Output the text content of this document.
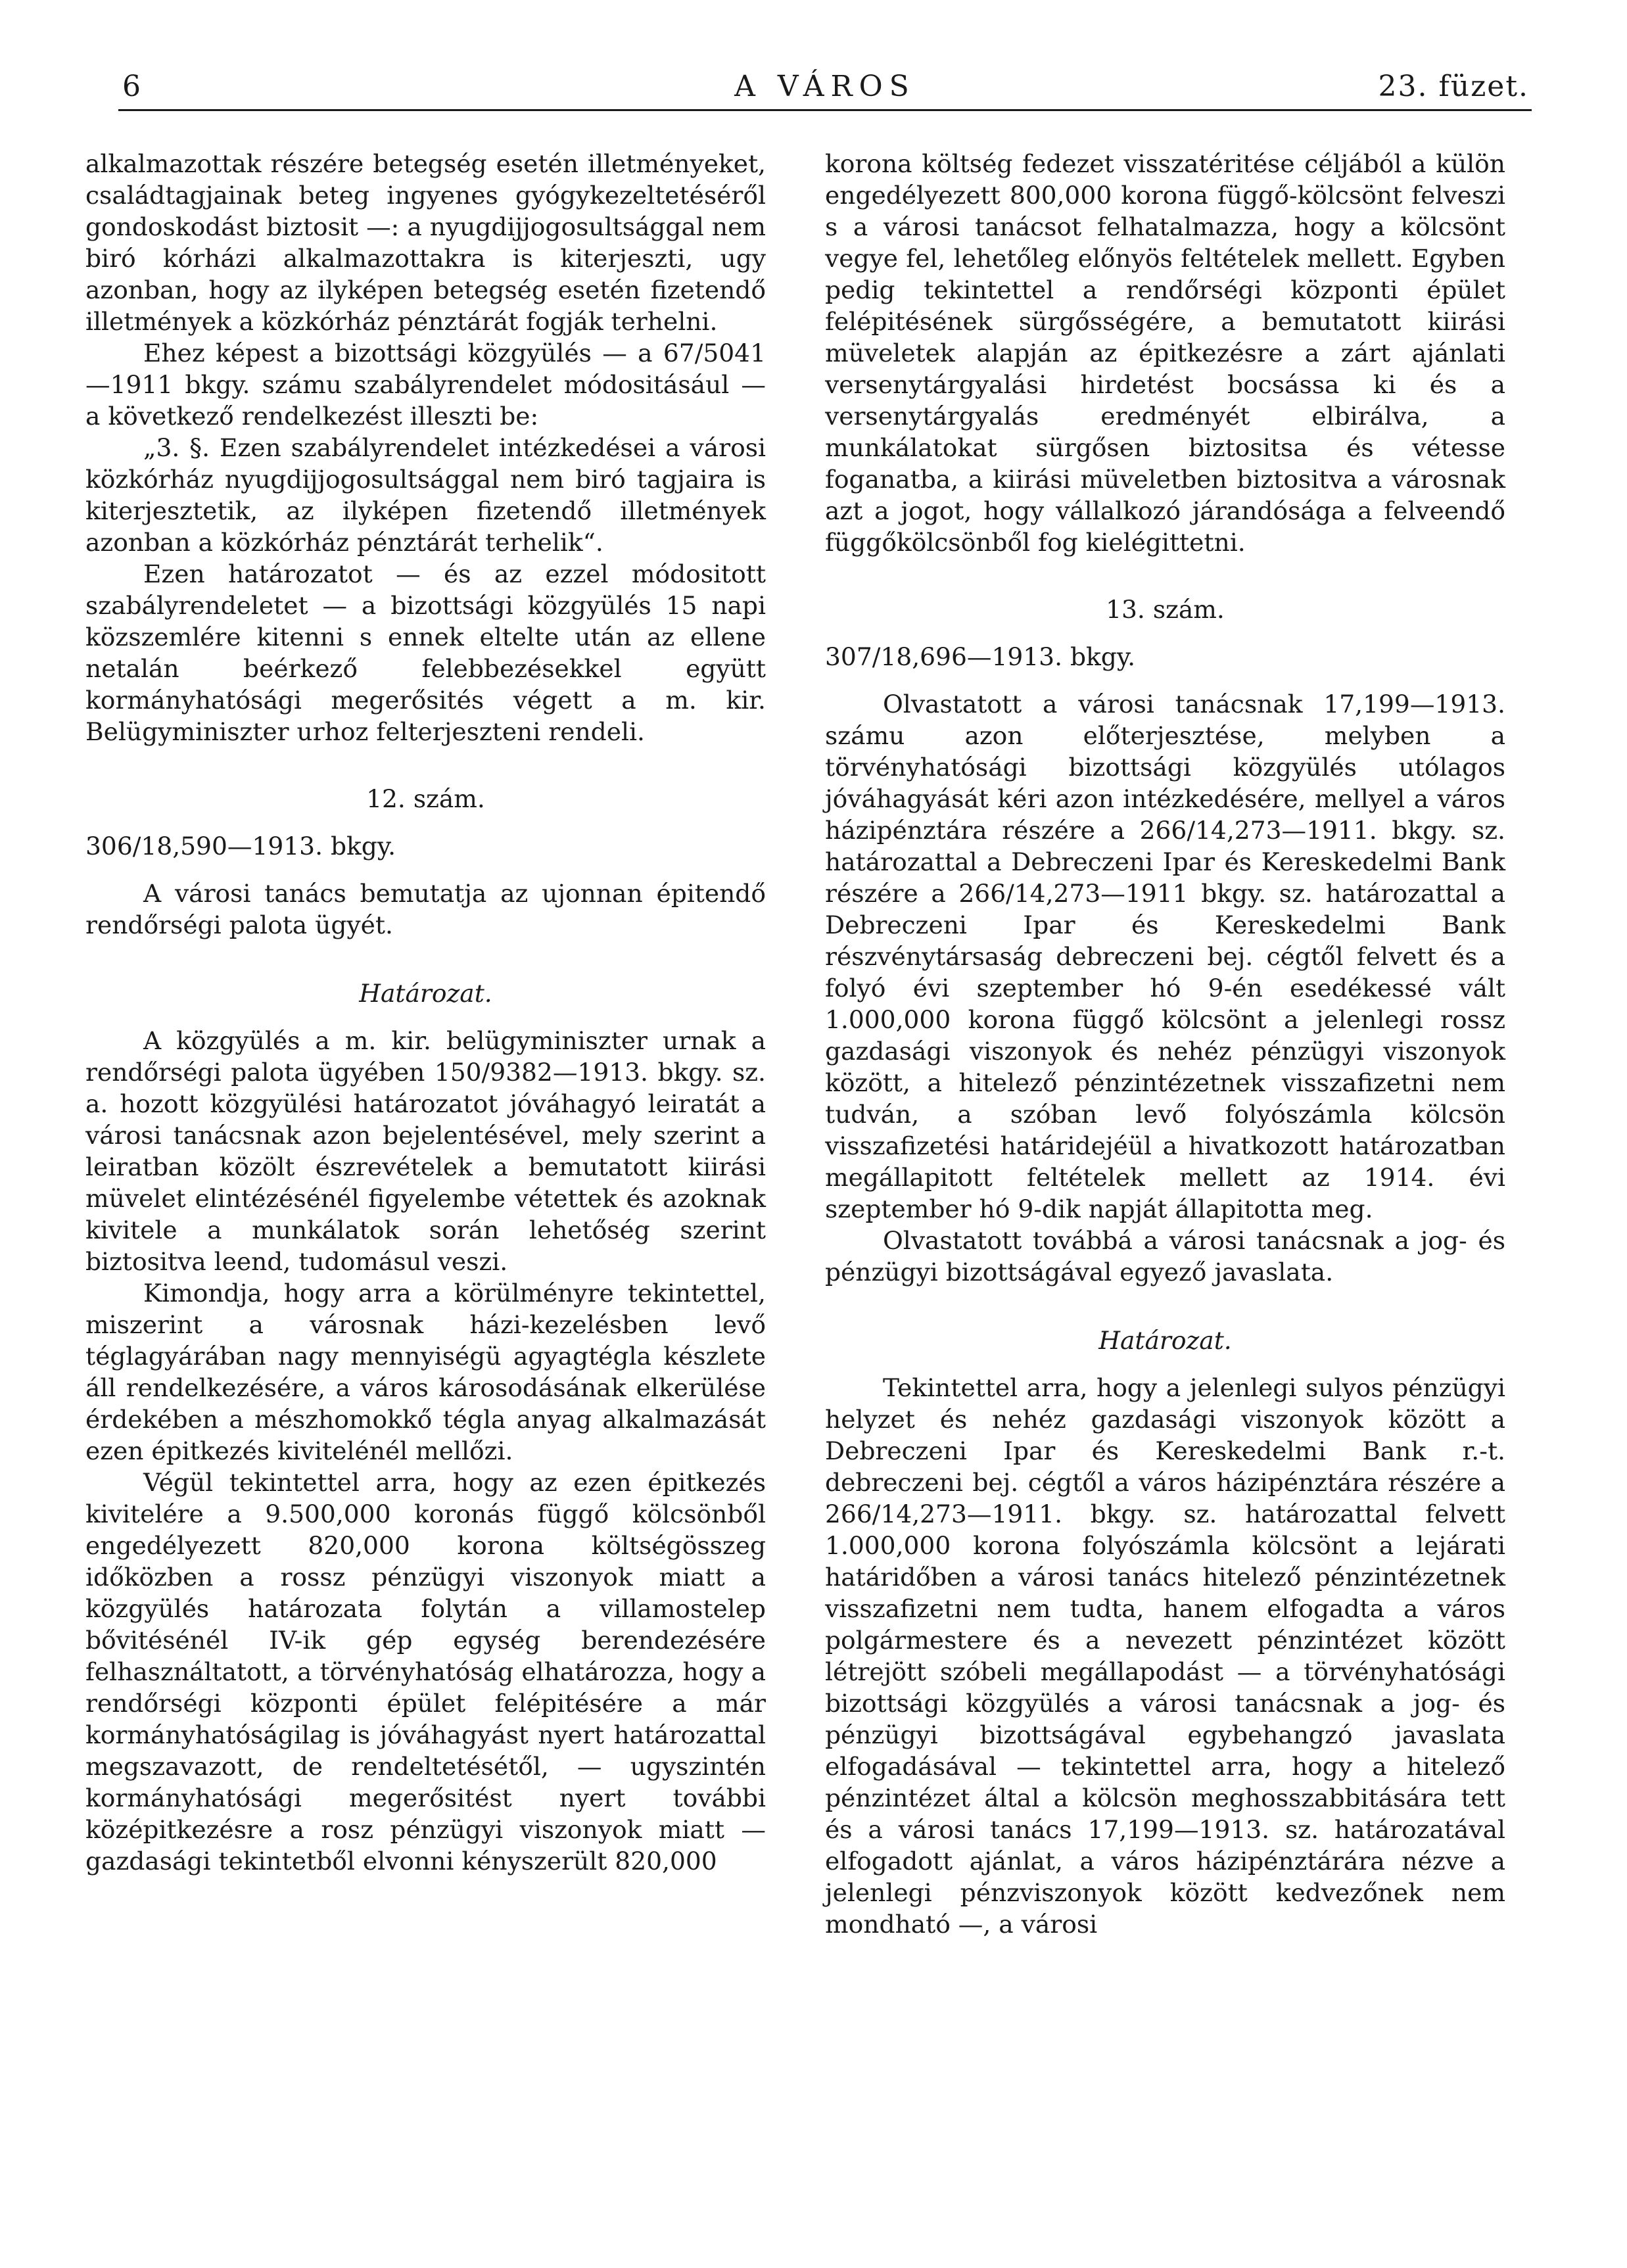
6	A VÁROS	23. füzet.

alkalmazottak részére betegség esetén illetményeket, családtagjainak beteg ingyenes gyógykezeltetéséről gondoskodást biztosit —: a nyugdijjogosultsággal nem biró kórházi alkalmazottakra is kiterjeszti, ugy azonban, hogy az ilyképen betegség esetén fizetendő illetmények a közkórház pénztárát fogják terhelni.

Ehez képest a bizottsági közgyülés — a 67/5041—1911 bkgy. számu szabályrendelet módositásául — a következő rendelkezést illeszti be:

„3. §. Ezen szabályrendelet intézkedései a városi közkórház nyugdijjogosultsággal nem biró tagjaira is kiterjesztetik, az ilyképen fizetendő illetmények azonban a közkórház pénztárát terhelik“.

Ezen határozatot — és az ezzel módositott szabályrendeletet — a bizottsági közgyülés 15 napi közszemlére kitenni s ennek eltelte után az ellene netalán beérkező felebbezésekkel együtt kormányhatósági megerősités végett a m. kir. Belügyminiszter urhoz felterjeszteni rendeli.

12. szám.

306/18,590—1913. bkgy.

A városi tanács bemutatja az ujonnan épitendő rendőrségi palota ügyét.

Határozat.

A közgyülés a m. kir. belügyminiszter urnak a rendőrségi palota ügyében 150/9382—1913. bkgy. sz. a. hozott közgyülési határozatot jóváhagyó leiratát a városi tanácsnak azon bejelentésével, mely szerint a leiratban közölt észrevételek a bemutatott kiirási müvelet elintézésénél figyelembe vétettek és azoknak kivitele a munkálatok során lehetőség szerint biztositva leend, tudomásul veszi.

Kimondja, hogy arra a körülményre tekintettel, miszerint a városnak házi-kezelésben levő téglagyárában nagy mennyiségü agyagtégla készlete áll rendelkezésére, a város károsodásának elkerülése érdekében a mészhomokkő tégla anyag alkalmazását ezen épitkezés kivitelénél mellőzi.

Végül tekintettel arra, hogy az ezen épitkezés kivitelére a 9.500,000 koronás függő kölcsönből engedélyezett 820,000 korona költségösszeg időközben a rossz pénzügyi viszonyok miatt a közgyülés határozata folytán a villamostelep bővitésénél IV-ik gép egység berendezésére felhasználtatott, a törvényhatóság elhatározza, hogy a rendőrségi központi épület felépitésére a már kormányhatóságilag is jóváhagyást nyert határozattal megszavazott, de rendeltetésétől, — ugyszintén kormányhatósági megerősitést nyert további középitkezésre a rosz pénzügyi viszonyok miatt — gazdasági tekintetből elvonni kényszerült 820,000

korona költség fedezet visszatéritése céljából a külön engedélyezett 800,000 korona függő-kölcsönt felveszi s a városi tanácsot felhatalmazza, hogy a kölcsönt vegye fel, lehetőleg előnyös feltételek mellett. Egyben pedig tekintettel a rendőrségi központi épület felépitésének sürgősségére, a bemutatott kiirási müveletek alapján az épitkezésre a zárt ajánlati versenytárgyalási hirdetést bocsássa ki és a versenytárgyalás eredményét elbirálva, a munkálatokat sürgősen biztositsa és vétesse foganatba, a kiirási müveletben biztositva a városnak azt a jogot, hogy vállalkozó járandósága a felveendő függőkölcsönből fog kielégittetni.

13. szám.

307/18,696—1913. bkgy.

Olvastatott a városi tanácsnak 17,199—1913. számu azon előterjesztése, melyben a törvényhatósági bizottsági közgyülés utólagos jóváhagyását kéri azon intézkedésére, mellyel a város házipénztára részére a 266/14,273—1911. bkgy. sz. határozattal a Debreczeni Ipar és Kereskedelmi Bank részére a 266/14,273—1911 bkgy. sz. határozattal a Debreczeni Ipar és Kereskedelmi Bank részvénytársaság debreczeni bej. cégtől felvett és a folyó évi szeptember hó 9-én esedékessé vált 1.000,000 korona függő kölcsönt a jelenlegi rossz gazdasági viszonyok és nehéz pénzügyi viszonyok között, a hitelező pénzintézetnek visszafizetni nem tudván, a szóban levő folyószámla kölcsön visszafizetési határidejéül a hivatkozott határozatban megállapitott feltételek mellett az 1914. évi szeptember hó 9-dik napját állapitotta meg.

Olvastatott továbbá a városi tanácsnak a jog- és pénzügyi bizottságával egyező javaslata.

Határozat.

Tekintettel arra, hogy a jelenlegi sulyos pénzügyi helyzet és nehéz gazdasági viszonyok között a Debreczeni Ipar és Kereskedelmi Bank r.-t. debreczeni bej. cégtől a város házipénztára részére a 266/14,273—1911. bkgy. sz. határozattal felvett 1.000,000 korona folyószámla kölcsönt a lejárati határidőben a városi tanács hitelező pénzintézetnek visszafizetni nem tudta, hanem elfogadta a város polgármestere és a nevezett pénzintézet között létrejött szóbeli megállapodást — a törvényhatósági bizottsági közgyülés a városi tanácsnak a jog- és pénzügyi bizottságával egybehangzó javaslata elfogadásával — tekintettel arra, hogy a hitelező pénzintézet által a kölcsön meghosszabbitására tett és a városi tanács 17,199—1913. sz. határozatával elfogadott ajánlat, a város házipénztárára nézve a jelenlegi pénzviszonyok között kedvezőnek nem mondható —, a városi
